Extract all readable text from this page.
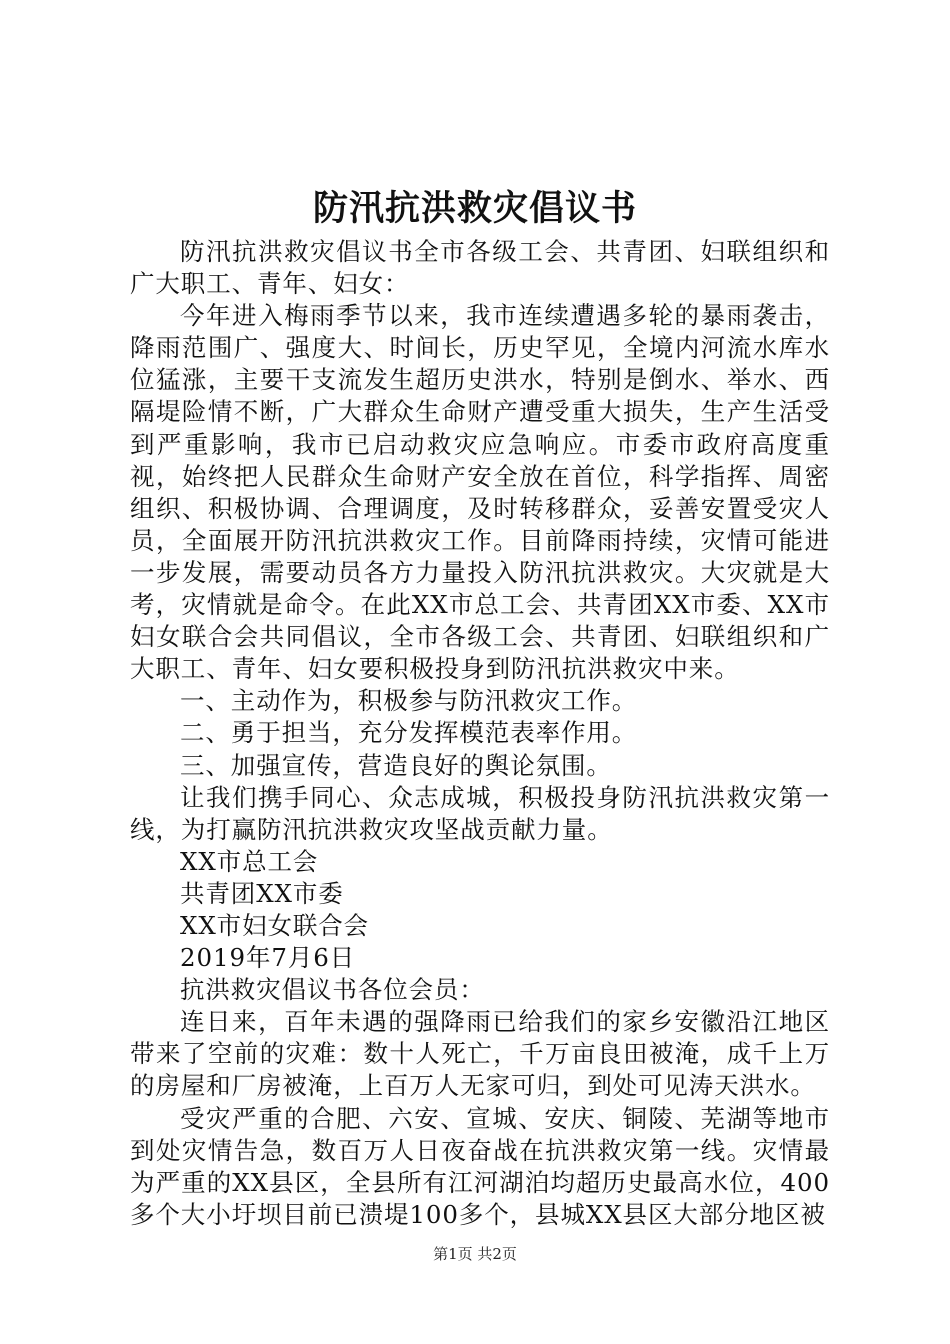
防汛抗洪救灾倡议书

防汛抗洪救灾倡议书全市各级工会、共青团、妇联组织和广大职工、青年、妇女：

今年进入梅雨季节以来，我市连续遭遇多轮的暴雨袭击，降雨范围广、强度大、时间长，历史罕见，全境内河流水库水位猛涨，主要干支流发生超历史洪水，特别是倒水、举水、西隔堤险情不断，广大群众生命财产遭受重大损失，生产生活受到严重影响，我市已启动救灾应急响应。市委市政府高度重视，始终把人民群众生命财产安全放在首位，科学指挥、周密组织、积极协调、合理调度，及时转移群众，妥善安置受灾人员，全面展开防汛抗洪救灾工作。目前降雨持续，灾情可能进一步发展，需要动员各方力量投入防汛抗洪救灾。大灾就是大考，灾情就是命令。在此XX市总工会、共青团XX市委、XX市妇女联合会共同倡议，全市各级工会、共青团、妇联组织和广大职工、青年、妇女要积极投身到防汛抗洪救灾中来。

一、主动作为，积极参与防汛救灾工作。

二、勇于担当，充分发挥模范表率作用。

三、加强宣传，营造良好的舆论氛围。

让我们携手同心、众志成城，积极投身防汛抗洪救灾第一线，为打赢防汛抗洪救灾攻坚战贡献力量。

XX市总工会

共青团XX市委

XX市妇女联合会

2019年7月6日

抗洪救灾倡议书各位会员：

连日来，百年未遇的强降雨已给我们的家乡安徽沿江地区带来了空前的灾难：数十人死亡，千万亩良田被淹，成千上万的房屋和厂房被淹，上百万人无家可归，到处可见涛天洪水。

受灾严重的合肥、六安、宣城、安庆、铜陵、芜湖等地市到处灾情告急，数百万人日夜奋战在抗洪救灾第一线。灾情最为严重的XX县区，全县所有江河湖泊均超历史最高水位，400多个大小圩坝目前已溃堤100多个，县城XX县区大部分地区被

第1页 共2页
